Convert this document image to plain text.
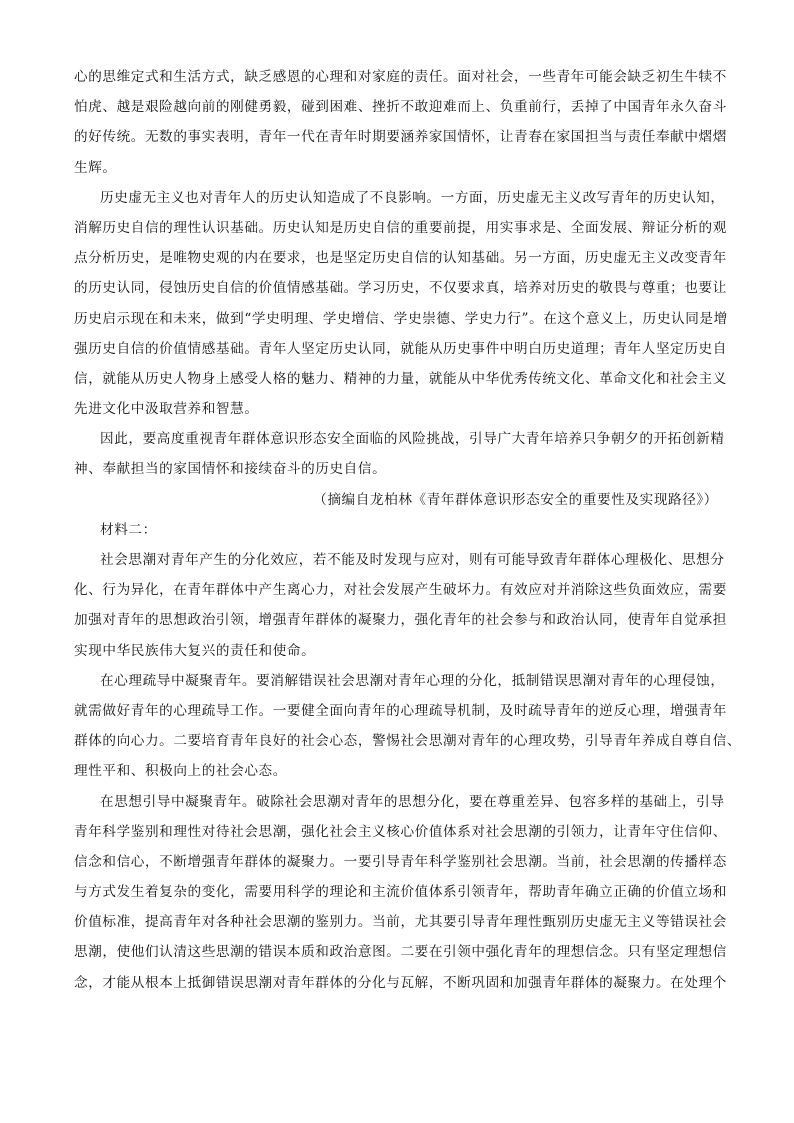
心的思维定式和生活方式，缺乏感恩的心理和对家庭的责任。面对社会，一些青年可能会缺乏初生牛犊不
怕虎、越是艰险越向前的刚健勇毅，碰到困难、挫折不敢迎难而上、负重前行，丢掉了中国青年永久奋斗
的好传统。无数的事实表明，青年一代在青年时期要涵养家国情怀，让青春在家国担当与责任奉献中熠熠
生辉。
历史虚无主义也对青年人的历史认知造成了不良影响。一方面，历史虚无主义改写青年的历史认知，
消解历史自信的理性认识基础。历史认知是历史自信的重要前提，用实事求是、全面发展、辩证分析的观
点分析历史，是唯物史观的内在要求，也是坚定历史自信的认知基础。另一方面，历史虚无主义改变青年
的历史认同，侵蚀历史自信的价值情感基础。学习历史，不仅要求真，培养对历史的敬畏与尊重；也要让
历史启示现在和未来，做到“学史明理、学史增信、学史崇德、学史力行”。在这个意义上，历史认同是增
强历史自信的价值情感基础。青年人坚定历史认同，就能从历史事件中明白历史道理；青年人坚定历史自
信，就能从历史人物身上感受人格的魅力、精神的力量，就能从中华优秀传统文化、革命文化和社会主义
先进文化中汲取营养和智慧。
因此，要高度重视青年群体意识形态安全面临的风险挑战，引导广大青年培养只争朝夕的开拓创新精
神、奉献担当的家国情怀和接续奋斗的历史自信。
（摘编自龙柏林《青年群体意识形态安全的重要性及实现路径》）
材料二：
社会思潮对青年产生的分化效应，若不能及时发现与应对，则有可能导致青年群体心理极化、思想分
化、行为异化，在青年群体中产生离心力，对社会发展产生破坏力。有效应对并消除这些负面效应，需要
加强对青年的思想政治引领，增强青年群体的凝聚力，强化青年的社会参与和政治认同，使青年自觉承担
实现中华民族伟大复兴的责任和使命。
在心理疏导中凝聚青年。要消解错误社会思潮对青年心理的分化，抵制错误思潮对青年的心理侵蚀，
就需做好青年的心理疏导工作。一要健全面向青年的心理疏导机制，及时疏导青年的逆反心理，增强青年
群体的向心力。二要培育青年良好的社会心态，警惕社会思潮对青年的心理攻势，引导青年养成自尊自信、
理性平和、积极向上的社会心态。
在思想引导中凝聚青年。破除社会思潮对青年的思想分化，要在尊重差异、包容多样的基础上，引导
青年科学鉴别和理性对待社会思潮，强化社会主义核心价值体系对社会思潮的引领力，让青年守住信仰、
信念和信心，不断增强青年群体的凝聚力。一要引导青年科学鉴别社会思潮。当前，社会思潮的传播样态
与方式发生着复杂的变化，需要用科学的理论和主流价值体系引领青年，帮助青年确立正确的价值立场和
价值标准，提高青年对各种社会思潮的鉴别力。当前，尤其要引导青年理性甄别历史虚无主义等错误社会
思潮，使他们认清这些思潮的错误本质和政治意图。二要在引领中强化青年的理想信念。只有坚定理想信
念，才能从根本上抵御错误思潮对青年群体的分化与瓦解，不断巩固和加强青年群体的凝聚力。在处理个
